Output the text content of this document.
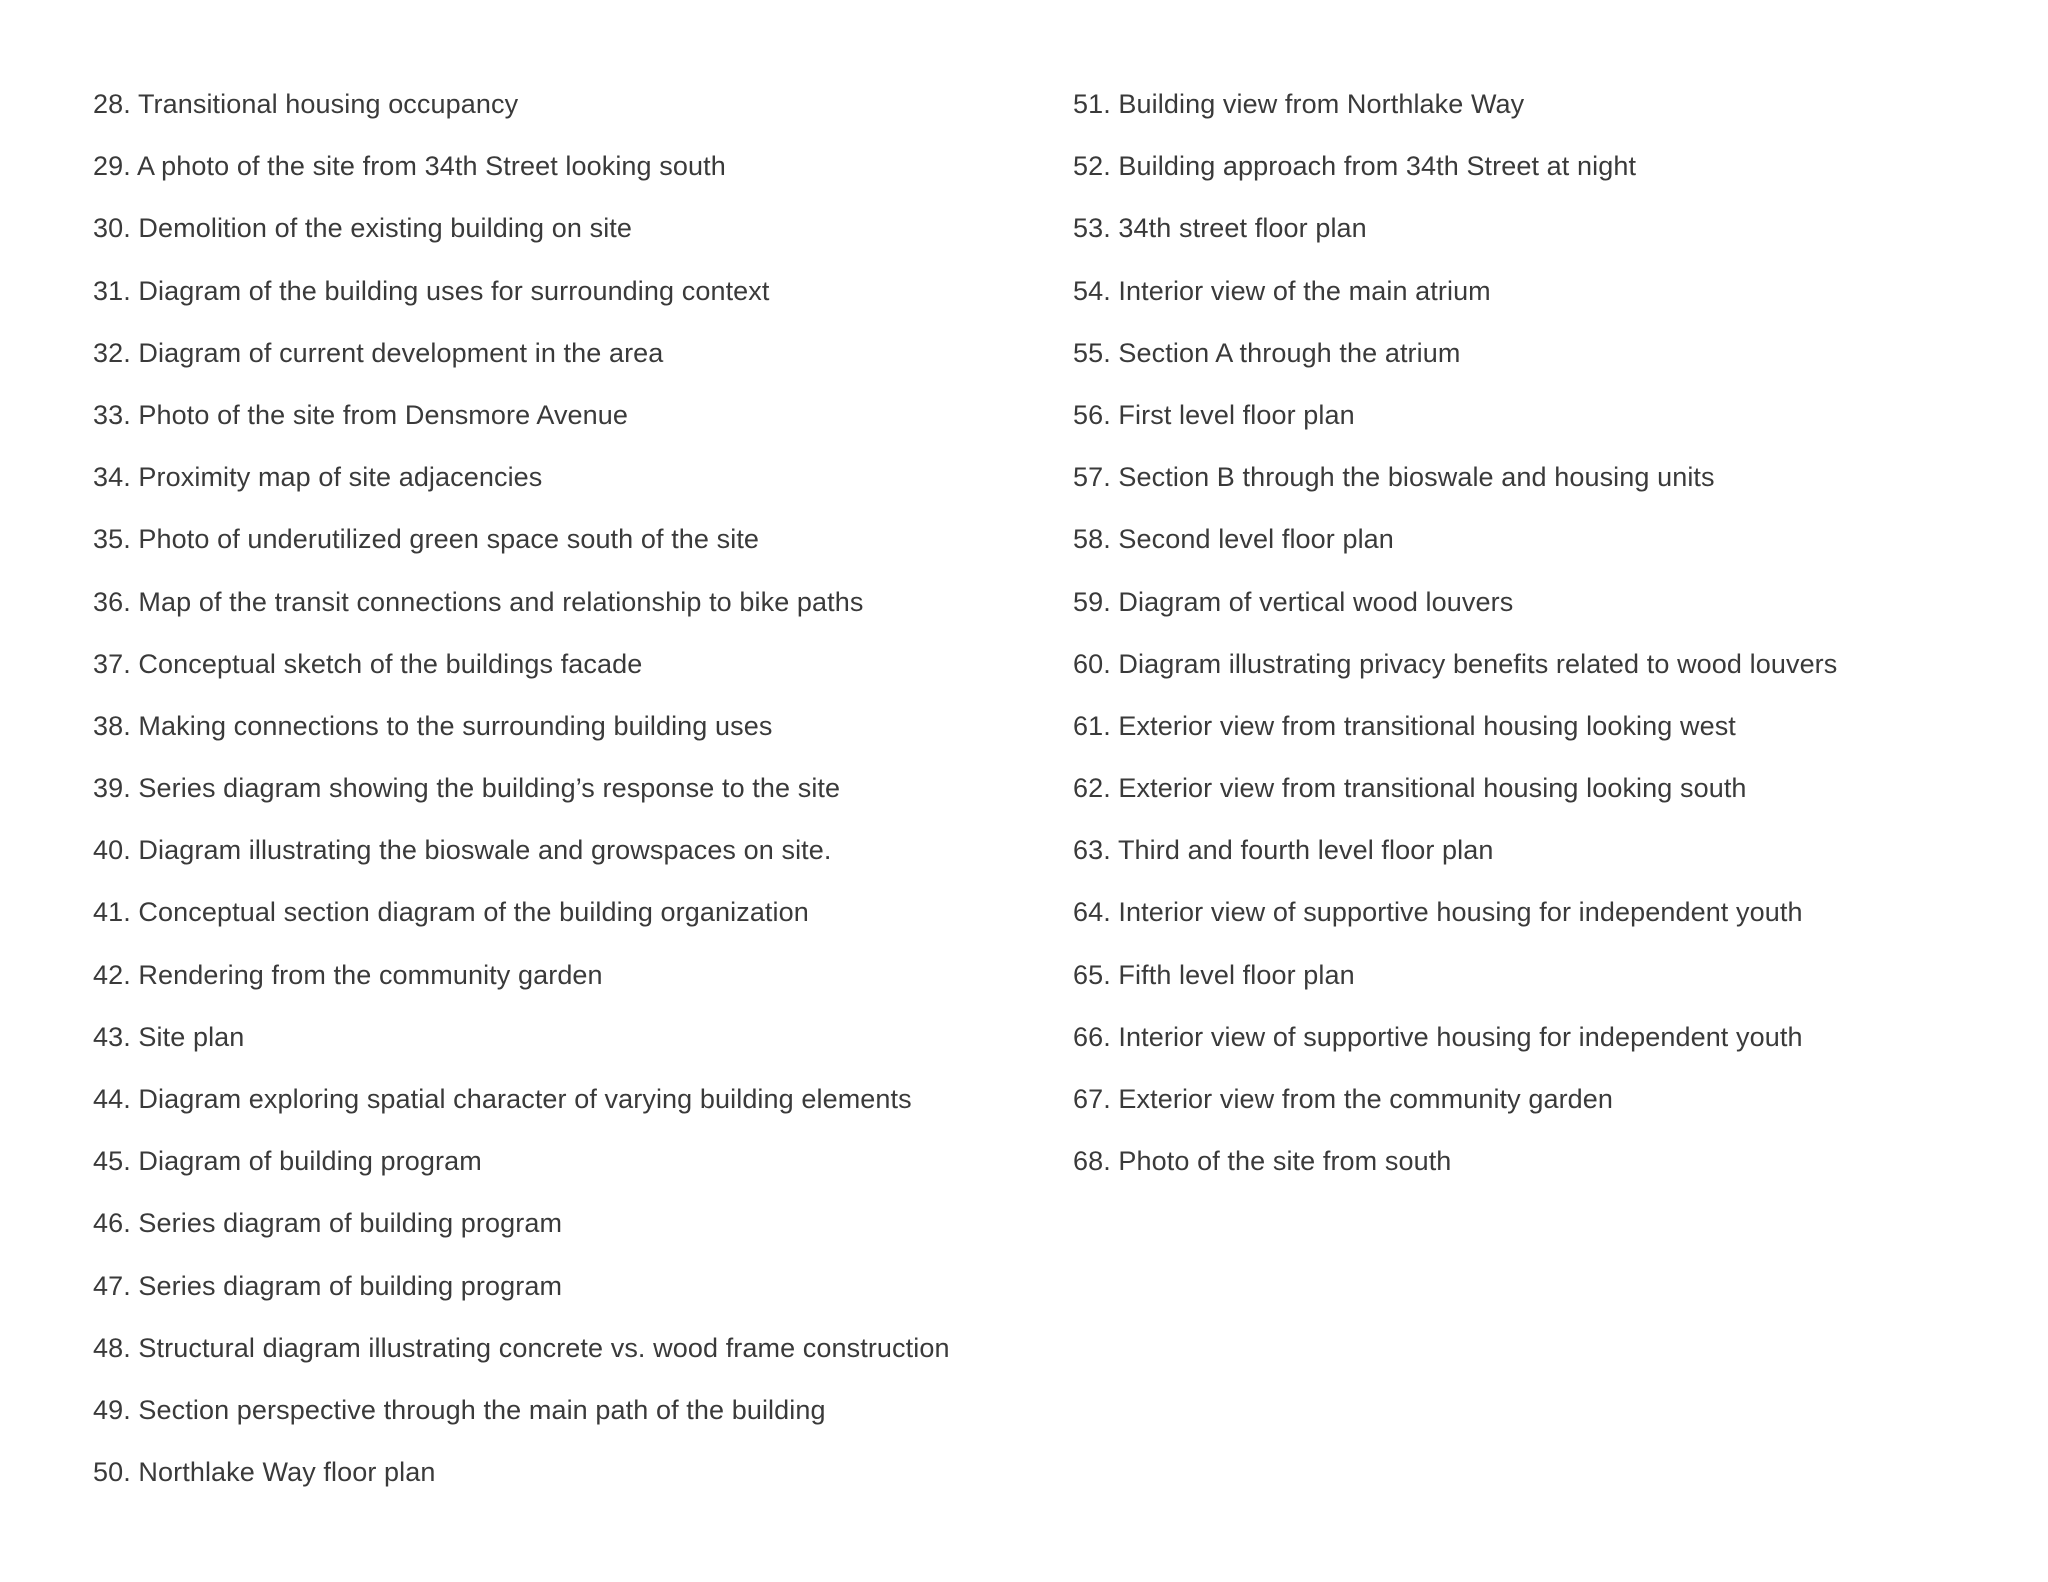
28. Transitional housing occupancy
29. A photo of the site from 34th Street looking south
30. Demolition of the existing building on site
31. Diagram of the building uses for surrounding context
32. Diagram of current development in the area
33. Photo of the site from Densmore Avenue
34. Proximity map of site adjacencies
35. Photo of underutilized green space south of the site
36. Map of the transit connections and relationship to bike paths
37. Conceptual sketch of the buildings facade
38. Making connections to the surrounding building uses
39. Series diagram showing the building’s response to the site
40. Diagram illustrating the bioswale and growspaces on site.
41. Conceptual section diagram of the building organization
42. Rendering from the community garden
43. Site plan
44. Diagram exploring spatial character of varying building elements
45. Diagram of building program
46. Series diagram of building program
47. Series diagram of building program
48. Structural diagram illustrating concrete vs. wood frame construction
49. Section perspective through the main path of the building
50. Northlake Way floor plan
51. Building view from Northlake Way
52. Building approach from 34th Street at night
53. 34th street floor plan
54. Interior view of the main atrium
55. Section A through the atrium
56. First level floor plan
57. Section B through the bioswale and housing units
58. Second level floor plan
59. Diagram of vertical wood louvers
60. Diagram illustrating privacy benefits related to wood louvers
61. Exterior view from transitional housing looking west
62. Exterior view from transitional housing looking south
63. Third and fourth level floor plan
64. Interior view of supportive housing for independent youth
65. Fifth level floor plan
66. Interior view of supportive housing for independent youth
67. Exterior view from the community garden
68. Photo of the site from south
